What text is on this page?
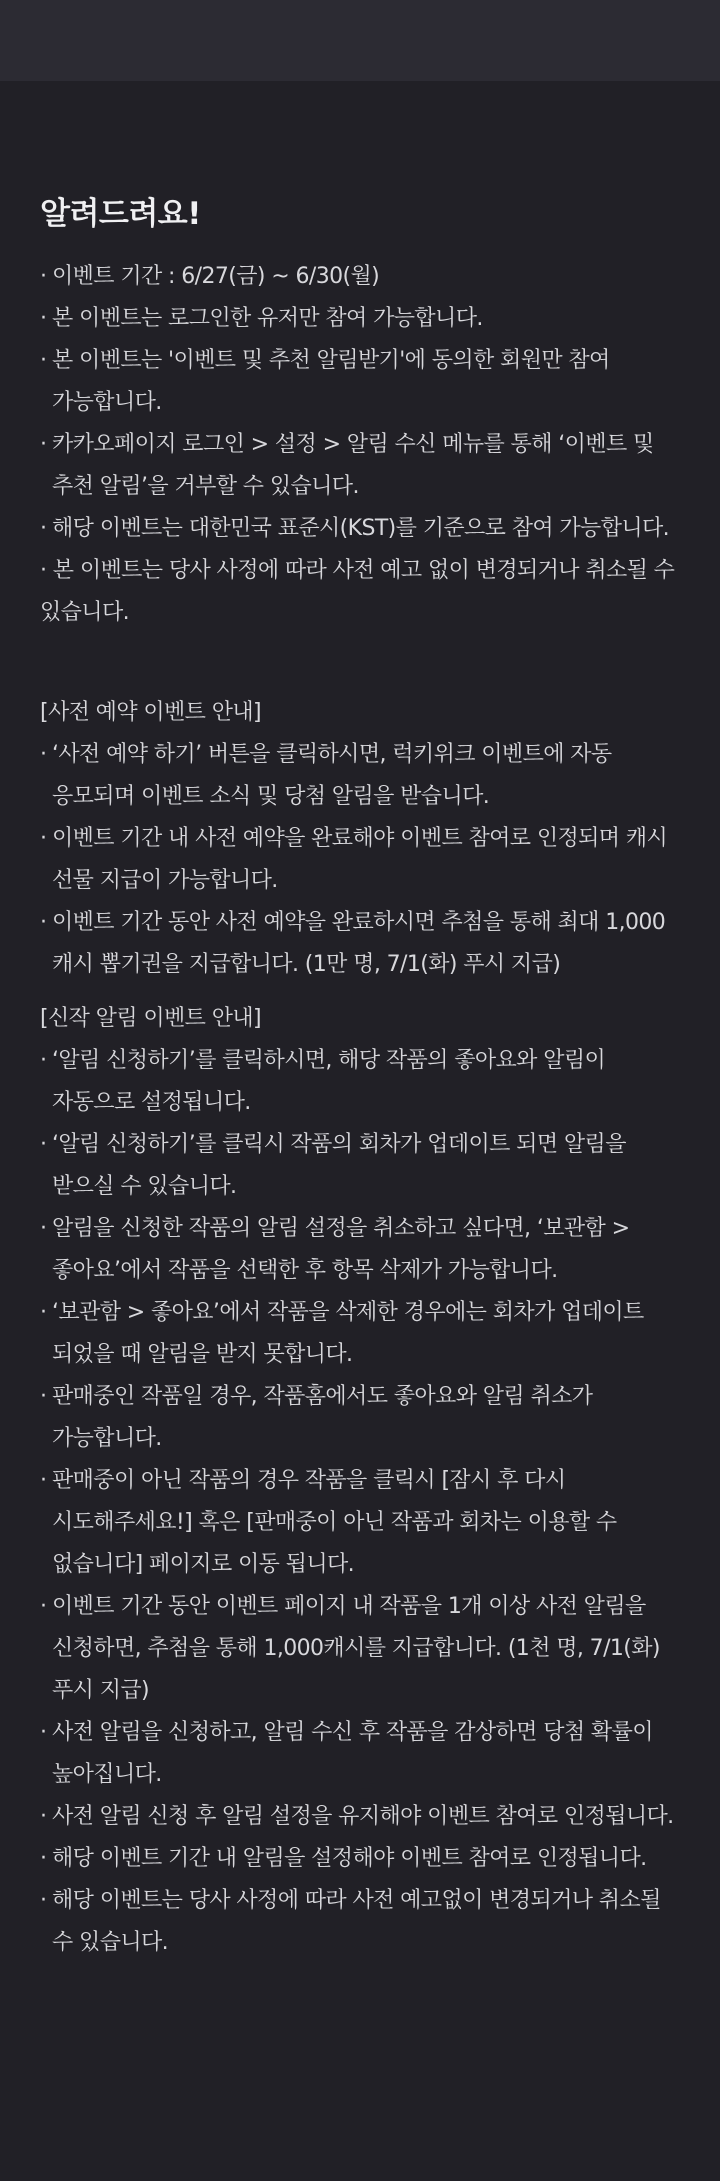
알려드려요!
· 이벤트 기간 : 6/27(금) ~ 6/30(월)
· 본 이벤트는 로그인한 유저만 참여 가능합니다.
· 본 이벤트는 '이벤트 및 추천 알림받기'에 동의한 회원만 참여
가능합니다.
· 카카오페이지 로그인 > 설정 > 알림 수신 메뉴를 통해 ‘이벤트 및
추천 알림’을 거부할 수 있습니다.
· 해당 이벤트는 대한민국 표준시(KST)를 기준으로 참여 가능합니다.
· 본 이벤트는 당사 사정에 따라 사전 예고 없이 변경되거나 취소될 수
있습니다.
[사전 예약 이벤트 안내]
· ‘사전 예약 하기’ 버튼을 클릭하시면, 럭키위크 이벤트에 자동
응모되며 이벤트 소식 및 당첨 알림을 받습니다.
· 이벤트 기간 내 사전 예약을 완료해야 이벤트 참여로 인정되며 캐시
선물 지급이 가능합니다.
· 이벤트 기간 동안 사전 예약을 완료하시면 추첨을 통해 최대 1,000
캐시 뽑기권을 지급합니다. (1만 명, 7/1(화) 푸시 지급)
[신작 알림 이벤트 안내]
· ‘알림 신청하기’를 클릭하시면, 해당 작품의 좋아요와 알림이
자동으로 설정됩니다.
· ‘알림 신청하기’를 클릭시 작품의 회차가 업데이트 되면 알림을
받으실 수 있습니다.
· 알림을 신청한 작품의 알림 설정을 취소하고 싶다면, ‘보관함 >
좋아요’에서 작품을 선택한 후 항목 삭제가 가능합니다.
· ‘보관함 > 좋아요’에서 작품을 삭제한 경우에는 회차가 업데이트
되었을 때 알림을 받지 못합니다.
· 판매중인 작품일 경우, 작품홈에서도 좋아요와 알림 취소가
가능합니다.
· 판매중이 아닌 작품의 경우 작품을 클릭시 [잠시 후 다시
시도해주세요!] 혹은 [판매중이 아닌 작품과 회차는 이용할 수
없습니다] 페이지로 이동 됩니다.
· 이벤트 기간 동안 이벤트 페이지 내 작품을 1개 이상 사전 알림을
신청하면, 추첨을 통해 1,000캐시를 지급합니다. (1천 명, 7/1(화)
푸시 지급)
· 사전 알림을 신청하고, 알림 수신 후 작품을 감상하면 당첨 확률이
높아집니다.
· 사전 알림 신청 후 알림 설정을 유지해야 이벤트 참여로 인정됩니다.
· 해당 이벤트 기간 내 알림을 설정해야 이벤트 참여로 인정됩니다.
· 해당 이벤트는 당사 사정에 따라 사전 예고없이 변경되거나 취소될
수 있습니다.
